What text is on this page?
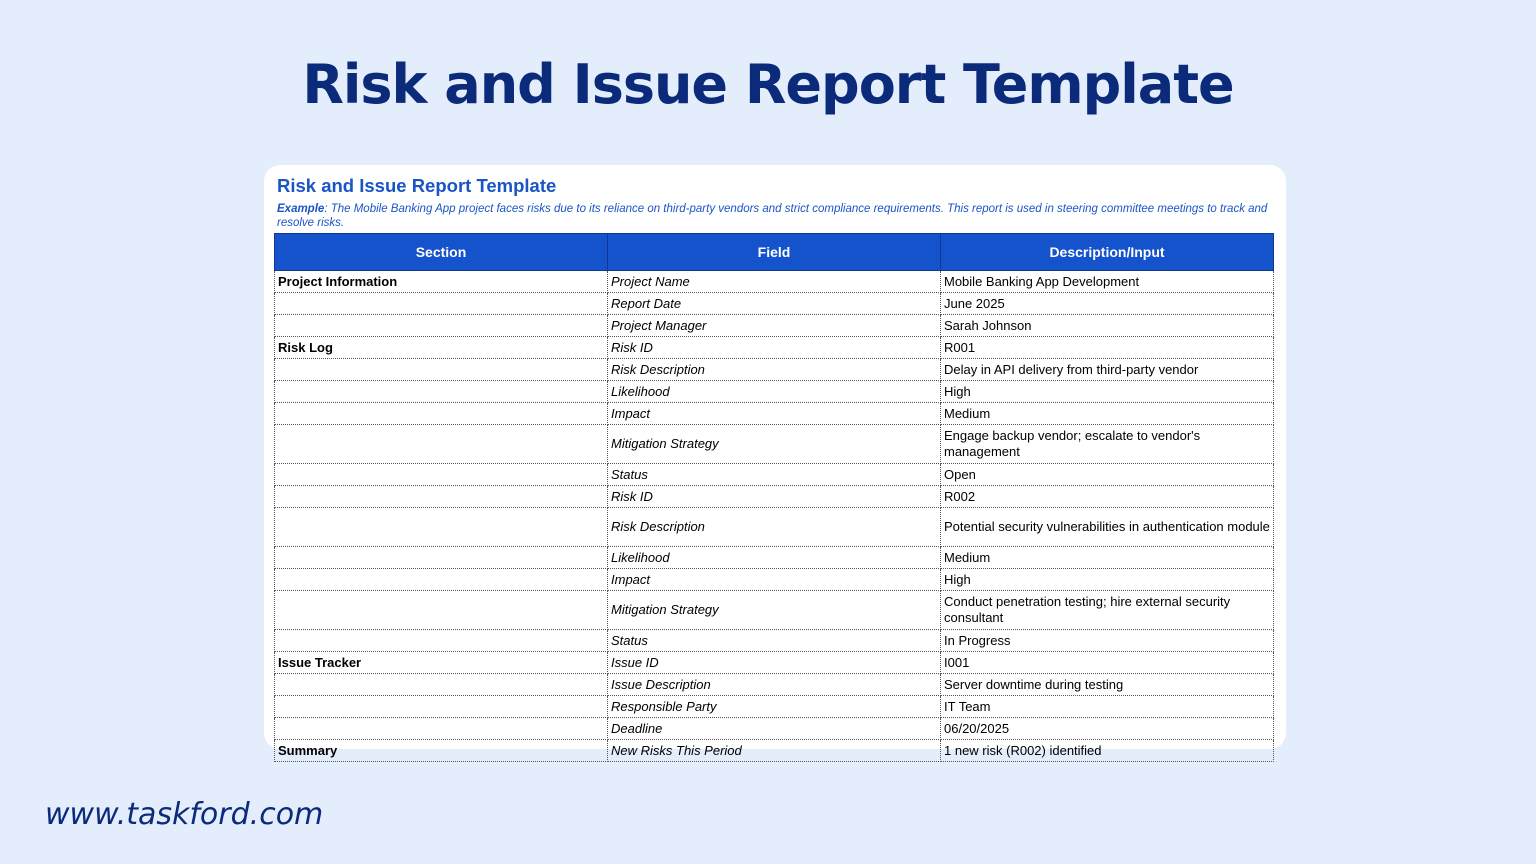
Risk and Issue Report Template
Risk and Issue Report Template

Example: The Mobile Banking App project faces risks due to its reliance on third-party vendors and strict compliance requirements. This report is used in steering committee meetings to track and resolve risks.

Section	Field	Description/Input
Project Information	Project Name	Mobile Banking App Development
	Report Date	June 2025
	Project Manager	Sarah Johnson
Risk Log	Risk ID	R001
	Risk Description	Delay in API delivery from third-party vendor
	Likelihood	High
	Impact	Medium
	Mitigation Strategy	Engage backup vendor; escalate to vendor's management
	Status	Open
	Risk ID	R002
	Risk Description	Potential security vulnerabilities in authentication module
	Likelihood	Medium
	Impact	High
	Mitigation Strategy	Conduct penetration testing; hire external security consultant
	Status	In Progress
Issue Tracker	Issue ID	I001
	Issue Description	Server downtime during testing
	Responsible Party	IT Team
	Deadline	06/20/2025
Summary	New Risks This Period	1 new risk (R002) identified
www.taskford.com
